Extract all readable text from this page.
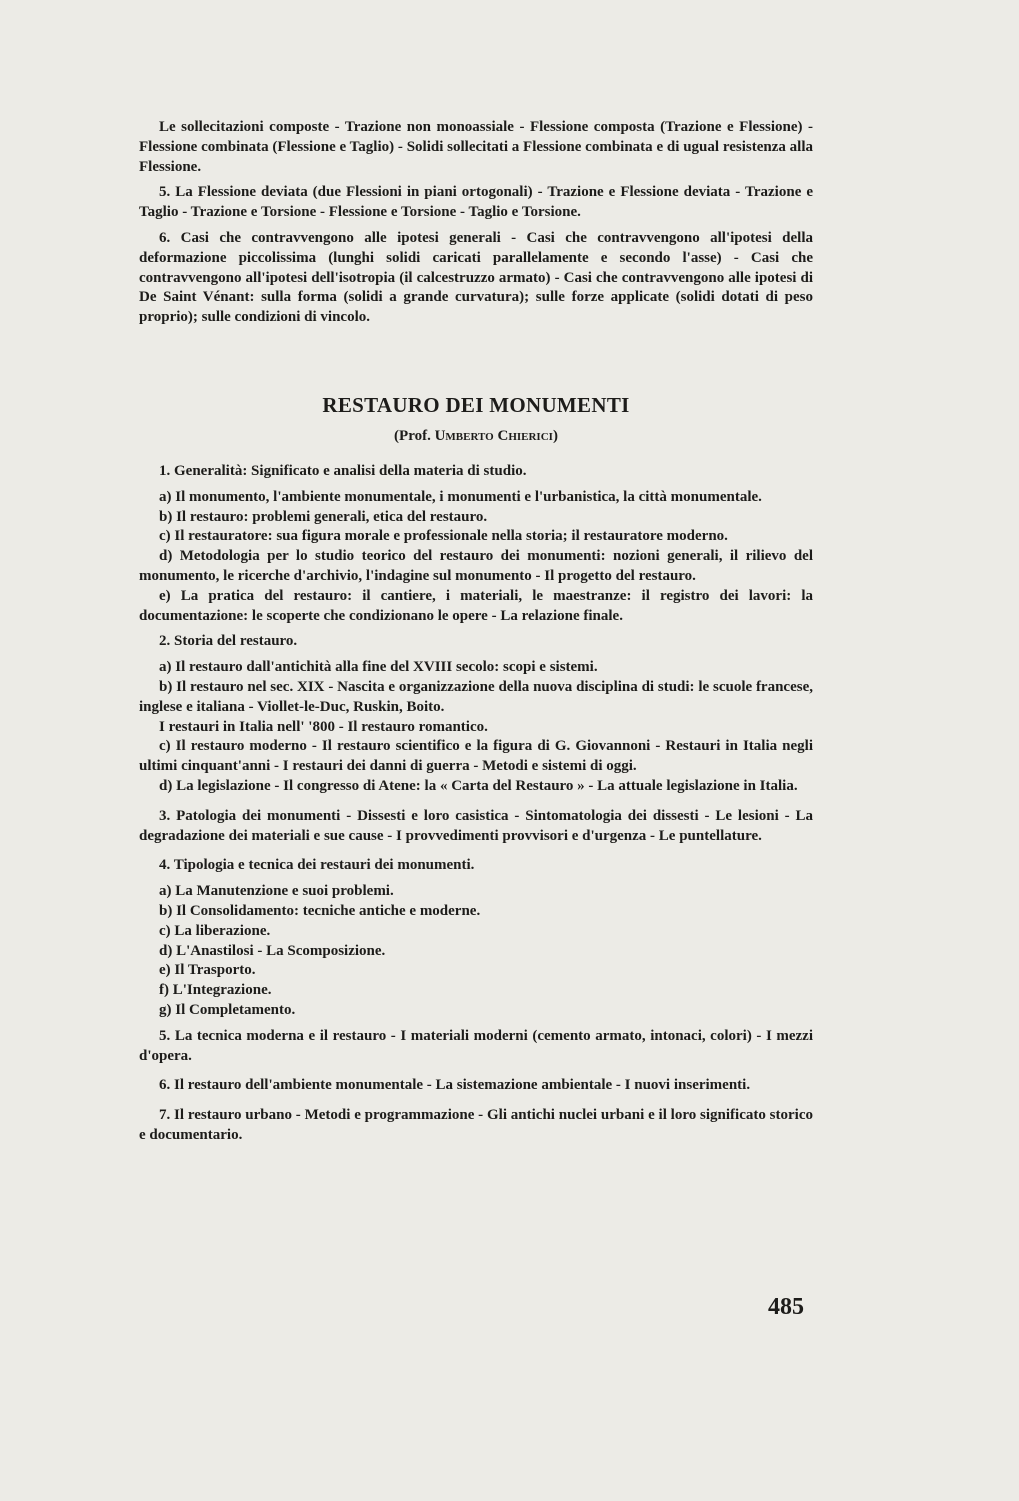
Le sollecitazioni composte - Trazione non monoassiale - Flessione composta (Trazione e Flessione) - Flessione combinata (Flessione e Taglio) - Solidi sollecitati a Flessione combinata e di ugual resistenza alla Flessione.

5. La Flessione deviata (due Flessioni in piani ortogonali) - Trazione e Flessione deviata - Trazione e Taglio - Trazione e Torsione - Flessione e Torsione - Taglio e Torsione.

6. Casi che contravvengono alle ipotesi generali - Casi che contravvengono all'ipotesi della deformazione piccolissima (lunghi solidi caricati parallelamente e secondo l'asse) - Casi che contravvengono all'ipotesi dell'isotropia (il calcestruzzo armato) - Casi che contravvengono alle ipotesi di De Saint Vénant: sulla forma (solidi a grande curvatura); sulle forze applicate (solidi dotati di peso proprio); sulle condizioni di vincolo.

RESTAURO DEI MONUMENTI
(Prof. Umberto Chierici)

1. Generalità: Significato e analisi della materia di studio.

a) Il monumento, l'ambiente monumentale, i monumenti e l'urbanistica, la città monumentale.

b) Il restauro: problemi generali, etica del restauro.

c) Il restauratore: sua figura morale e professionale nella storia; il restauratore moderno.

d) Metodologia per lo studio teorico del restauro dei monumenti: nozioni generali, il rilievo del monumento, le ricerche d'archivio, l'indagine sul monumento - Il progetto del restauro.

e) La pratica del restauro: il cantiere, i materiali, le maestranze: il registro dei lavori: la documentazione: le scoperte che condizionano le opere - La relazione finale.

2. Storia del restauro.

a) Il restauro dall'antichità alla fine del XVIII secolo: scopi e sistemi.

b) Il restauro nel sec. XIX - Nascita e organizzazione della nuova disciplina di studi: le scuole francese, inglese e italiana - Viollet-le-Duc, Ruskin, Boito.

I restauri in Italia nell' '800 - Il restauro romantico.

c) Il restauro moderno - Il restauro scientifico e la figura di G. Giovannoni - Restauri in Italia negli ultimi cinquant'anni - I restauri dei danni di guerra - Metodi e sistemi di oggi.

d) La legislazione - Il congresso di Atene: la « Carta del Restauro » - La attuale legislazione in Italia.

3. Patologia dei monumenti - Dissesti e loro casistica - Sintomatologia dei dissesti - Le lesioni - La degradazione dei materiali e sue cause - I provvedimenti provvisori e d'urgenza - Le puntellature.

4. Tipologia e tecnica dei restauri dei monumenti.

a) La Manutenzione e suoi problemi.

b) Il Consolidamento: tecniche antiche e moderne.

c) La liberazione.

d) L'Anastilosi - La Scomposizione.

e) Il Trasporto.

f) L'Integrazione.

g) Il Completamento.

5. La tecnica moderna e il restauro - I materiali moderni (cemento armato, intonaci, colori) - I mezzi d'opera.

6. Il restauro dell'ambiente monumentale - La sistemazione ambientale - I nuovi inserimenti.

7. Il restauro urbano - Metodi e programmazione - Gli antichi nuclei urbani e il loro significato storico e documentario.

485
